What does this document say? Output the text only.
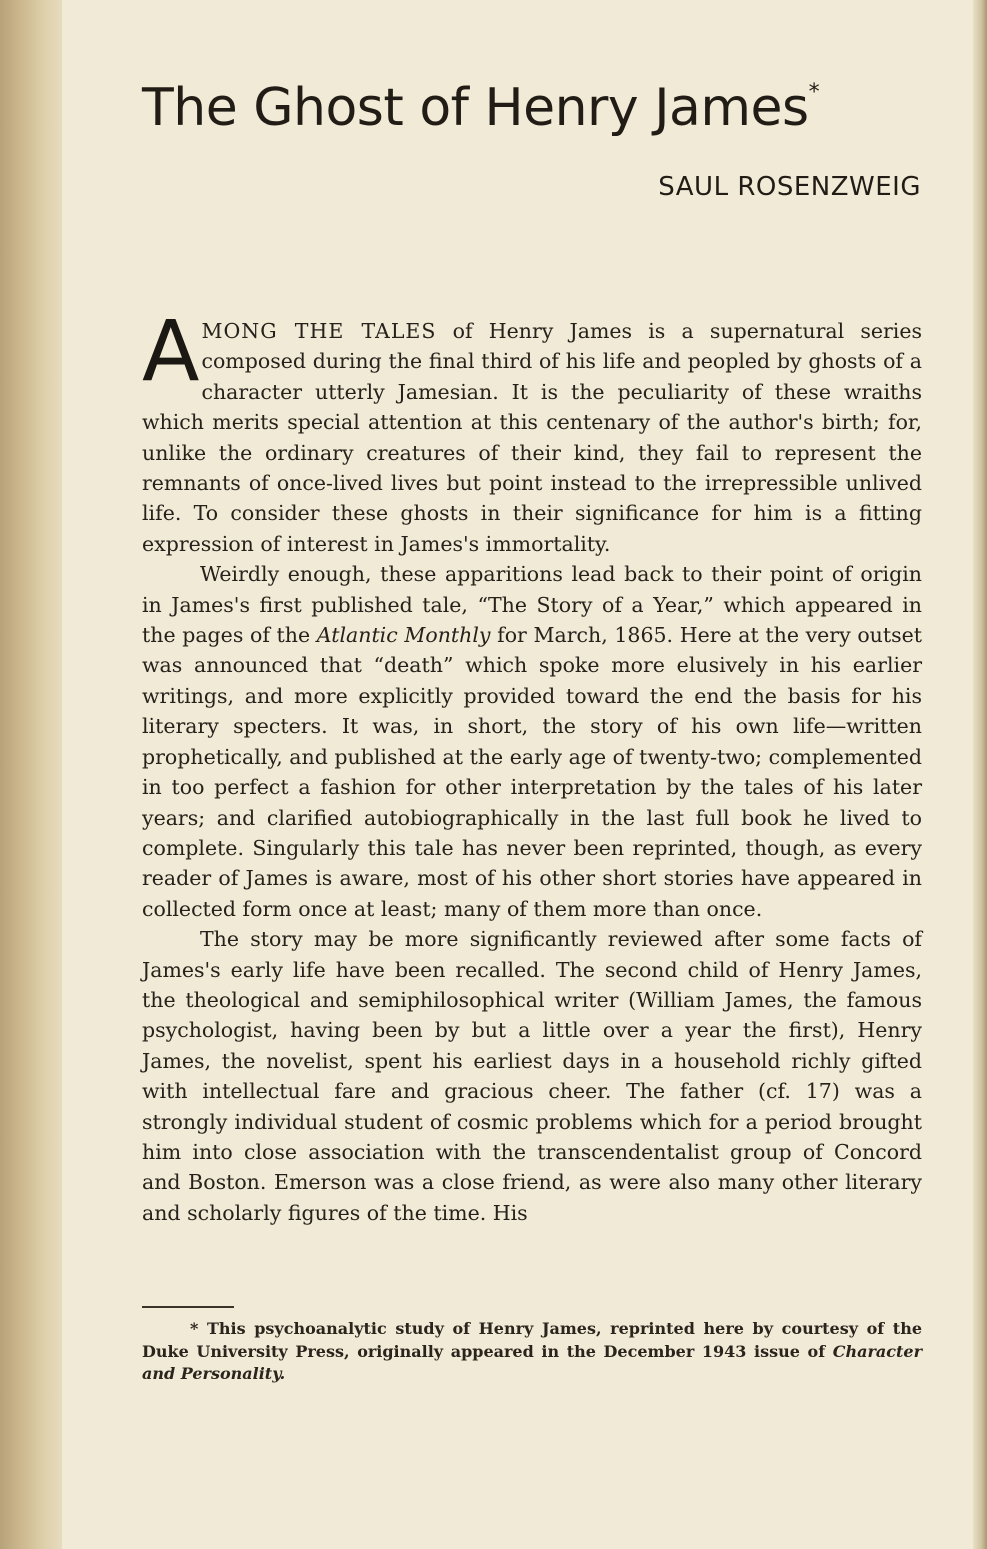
The Ghost of Henry James*
SAUL ROSENZWEIG

AMONG THE TALES of Henry James is a supernatural series composed during the final third of his life and peopled by ghosts of a character utterly Jamesian. It is the peculiarity of these wraiths which merits special attention at this centenary of the author's birth; for, unlike the ordinary creatures of their kind, they fail to represent the remnants of once-lived lives but point instead to the irrepressible unlived life. To consider these ghosts in their significance for him is a fitting expression of interest in James's immortality.

Weirdly enough, these apparitions lead back to their point of origin in James's first published tale, “The Story of a Year,” which appeared in the pages of the Atlantic Monthly for March, 1865. Here at the very outset was announced that “death” which spoke more elusively in his earlier writings, and more explicitly provided toward the end the basis for his literary specters. It was, in short, the story of his own life—written prophetically, and published at the early age of twenty-two; complemented in too perfect a fashion for other interpretation by the tales of his later years; and clarified autobiographically in the last full book he lived to complete. Singularly this tale has never been reprinted, though, as every reader of James is aware, most of his other short stories have appeared in collected form once at least; many of them more than once.

The story may be more significantly reviewed after some facts of James's early life have been recalled. The second child of Henry James, the theological and semiphilosophical writer (William James, the famous psychologist, having been by but a little over a year the first), Henry James, the novelist, spent his earliest days in a household richly gifted with intellectual fare and gracious cheer. The father (cf. 17) was a strongly individual student of cosmic problems which for a period brought him into close association with the transcendentalist group of Concord and Boston. Emerson was a close friend, as were also many other literary and scholarly figures of the time. His

* This psychoanalytic study of Henry James, reprinted here by courtesy of the Duke University Press, originally appeared in the December 1943 issue of Character and Personality.
